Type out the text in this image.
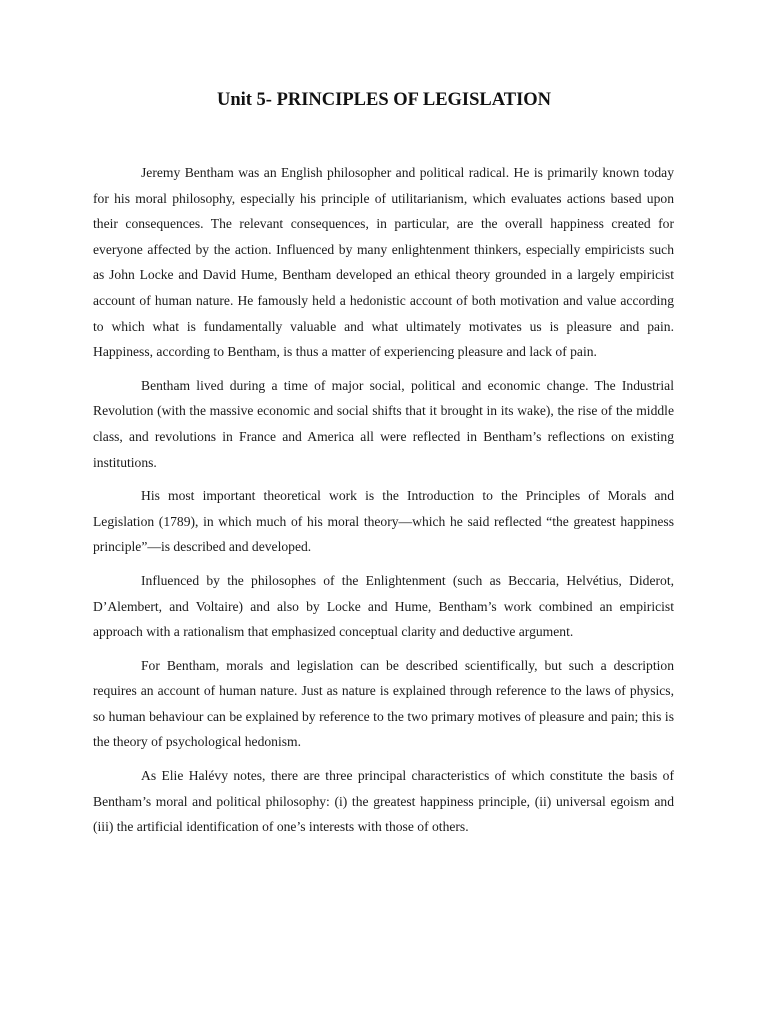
Unit 5- PRINCIPLES OF LEGISLATION

Jeremy Bentham was an English philosopher and political radical. He is primarily known today for his moral philosophy, especially his principle of utilitarianism, which evaluates actions based upon their consequences. The relevant consequences, in particular, are the overall happiness created for everyone affected by the action. Influenced by many enlightenment thinkers, especially empiricists such as John Locke and David Hume, Bentham developed an ethical theory grounded in a largely empiricist account of human nature. He famously held a hedonistic account of both motivation and value according to which what is fundamentally valuable and what ultimately motivates us is pleasure and pain. Happiness, according to Bentham, is thus a matter of experiencing pleasure and lack of pain.

Bentham lived during a time of major social, political and economic change. The Industrial Revolution (with the massive economic and social shifts that it brought in its wake), the rise of the middle class, and revolutions in France and America all were reflected in Bentham’s reflections on existing institutions.

His most important theoretical work is the Introduction to the Principles of Morals and Legislation (1789), in which much of his moral theory—which he said reflected “the greatest happiness principle”—is described and developed.

Influenced by the philosophes of the Enlightenment (such as Beccaria, Helvétius, Diderot, D’Alembert, and Voltaire) and also by Locke and Hume, Bentham’s work combined an empiricist approach with a rationalism that emphasized conceptual clarity and deductive argument.

For Bentham, morals and legislation can be described scientifically, but such a description requires an account of human nature. Just as nature is explained through reference to the laws of physics, so human behaviour can be explained by reference to the two primary motives of pleasure and pain; this is the theory of psychological hedonism.

As Elie Halévy notes, there are three principal characteristics of which constitute the basis of Bentham’s moral and political philosophy: (i) the greatest happiness principle, (ii) universal egoism and (iii) the artificial identification of one’s interests with those of others.
